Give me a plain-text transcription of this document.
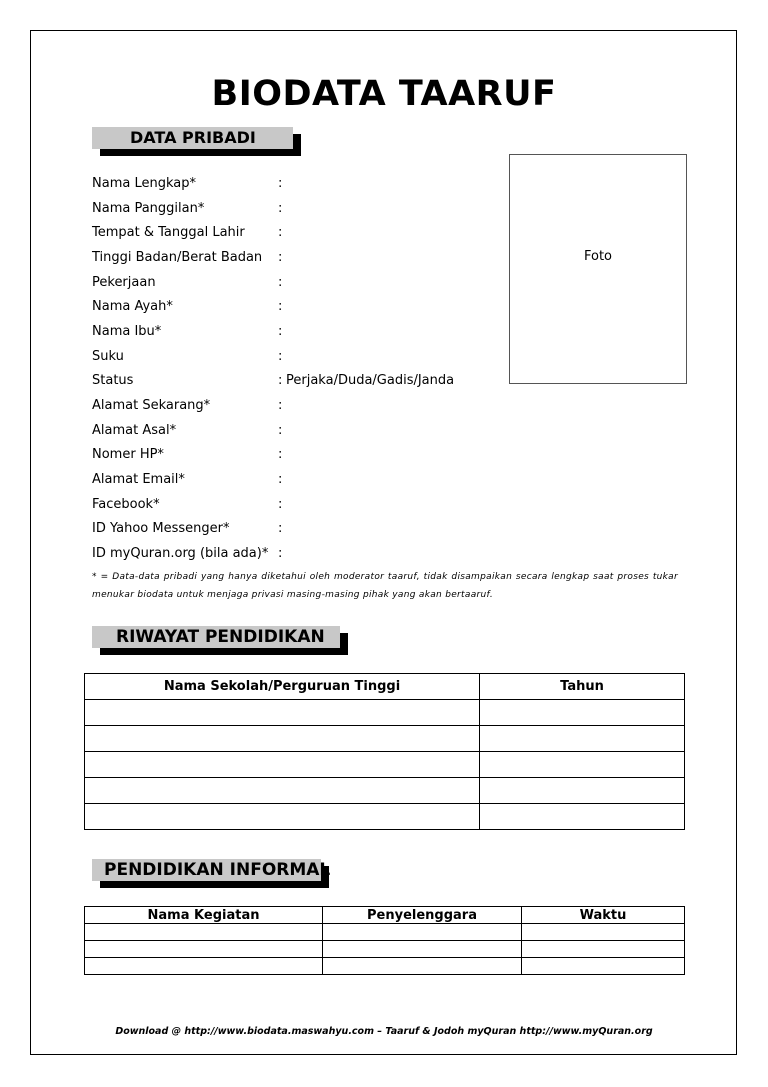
BIODATA TAARUF
DATA PRIBADI
Nama Lengkap*	:
Nama Panggilan*	:
Tempat & Tanggal Lahir	:
Tinggi Badan/Berat Badan :
Pekerjaan	:
Nama Ayah*	:
Nama Ibu*	:
Suku	:
Status	: Perjaka/Duda/Gadis/Janda
Alamat Sekarang*	:
Alamat Asal*	:
Nomer HP*	:
Alamat Email*	:
Facebook*	:
ID Yahoo Messenger*	:
ID myQuran.org (bila ada)* :
Foto
* = Data-data pribadi yang hanya diketahui oleh moderator taaruf, tidak disampaikan secara lengkap saat proses tukar menukar biodata untuk menjaga privasi masing-masing pihak yang akan bertaaruf.
RIWAYAT PENDIDIKAN
Nama Sekolah/Perguruan Tinggi	Tahun

PENDIDIKAN INFORMAL
Nama Kegiatan	Penyelenggara	Waktu

Download @ http://www.biodata.maswahyu.com – Taaruf & Jodoh myQuran http://www.myQuran.org
